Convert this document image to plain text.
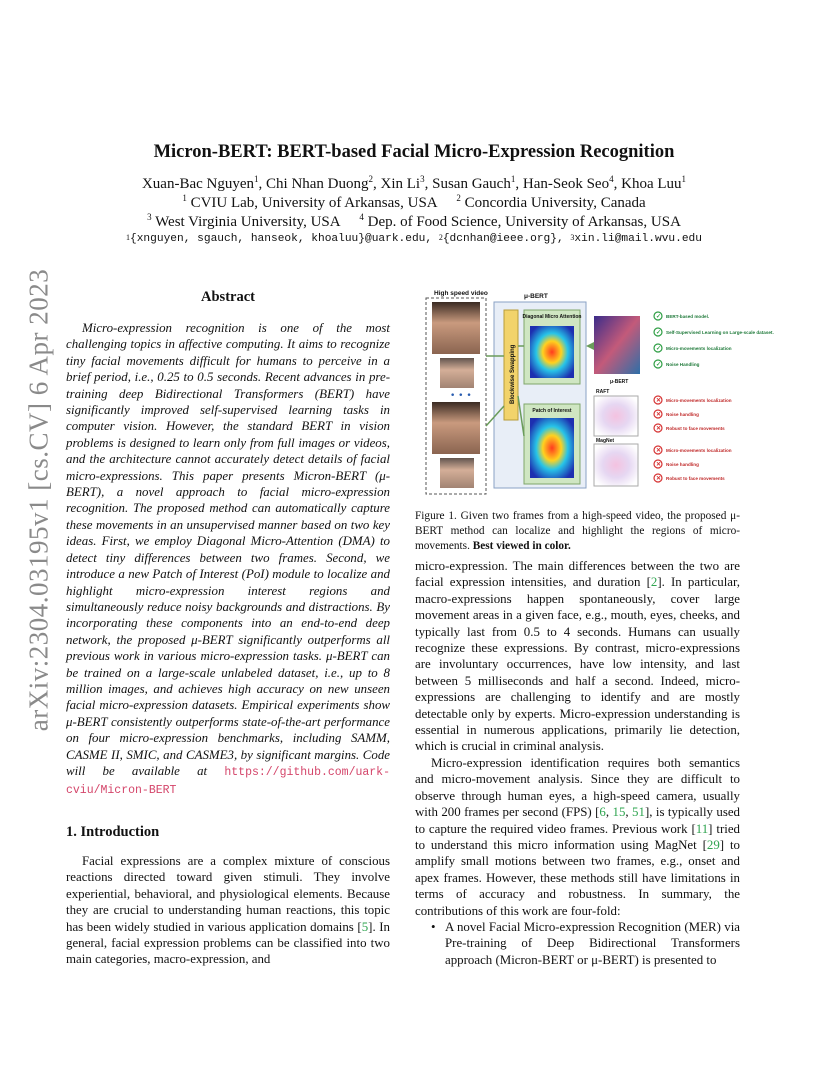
arXiv:2304.03195v1 [cs.CV] 6 Apr 2023
Micron-BERT: BERT-based Facial Micro-Expression Recognition
Xuan-Bac Nguyen$^1$, Chi Nhan Duong$^2$, Xin Li$^3$, Susan Gauch$^1$, Han-Seok Seo$^4$, Khoa Luu$^1$
$^1$ CVIU Lab, University of Arkansas, USA $^2$ Concordia University, Canada
$^3$ West Virginia University, USA $^4$ Dep. of Food Science, University of Arkansas, USA
$^1${xnguyen, sgauch, hanseok, khoaluu}@uark.edu, $^2${dcnhan@ieee.org}, $^3$xin.li@mail.wvu.edu
Abstract

Micro-expression recognition is one of the most challenging topics in affective computing. It aims to recognize tiny facial movements difficult for humans to perceive in a brief period, i.e., 0.25 to 0.5 seconds. Recent advances in pre-training deep Bidirectional Transformers (BERT) have significantly improved self-supervised learning tasks in computer vision. However, the standard BERT in vision problems is designed to learn only from full images or videos, and the architecture cannot accurately detect details of facial micro-expressions. This paper presents Micron-BERT (μ-BERT), a novel approach to facial micro-expression recognition. The proposed method can automatically capture these movements in an unsupervised manner based on two key ideas. First, we employ Diagonal Micro-Attention (DMA) to detect tiny differences between two frames. Second, we introduce a new Patch of Interest (PoI) module to localize and highlight micro-expression interest regions and simultaneously reduce noisy backgrounds and distractions. By incorporating these components into an end-to-end deep network, the proposed μ-BERT significantly outperforms all previous work in various micro-expression tasks. μ-BERT can be trained on a large-scale unlabeled dataset, i.e., up to 8 million images, and achieves high accuracy on new unseen facial micro-expression datasets. Empirical experiments show μ-BERT consistently outperforms state-of-the-art performance on four micro-expression benchmarks, including SAMM, CASME II, SMIC, and CASME3, by significant margins. Code will be available at https://github.com/uark-cviu/Micron-BERT

1. Introduction

Facial expressions are a complex mixture of conscious reactions directed toward given stimuli. They involve experiential, behavioral, and physiological elements. Because they are crucial to understanding human reactions, this topic has been widely studied in various application domains [5]. In general, facial expression problems can be classified into two main categories, macro-expression, and

High speed video
• • •
μ-BERT
Blockwise Swapping
Diagonal Micro Attention
Patch of Interest
μ-BERT
RAFT
MagNet
✓ BERT-based model.
✓ Self-Supervised Learning on Large-scale dataset.
✓ Micro-movements localization
✓ Noise Handling
✕ Micro-movements localization
✕ Noise handling
✕ Robust to face movements
✕ Micro-movements localization
✕ Noise handling
✕ Robust to face movements

Figure 1. Given two frames from a high-speed video, the proposed μ-BERT method can localize and highlight the regions of micro-movements. Best viewed in color.

micro-expression. The main differences between the two are facial expression intensities, and duration [2]. In particular, macro-expressions happen spontaneously, cover large movement areas in a given face, e.g., mouth, eyes, cheeks, and typically last from 0.5 to 4 seconds. Humans can usually recognize these expressions. By contrast, micro-expressions are involuntary occurrences, have low intensity, and last between 5 milliseconds and half a second. Indeed, micro-expressions are challenging to identify and are mostly detectable only by experts. Micro-expression understanding is essential in numerous applications, primarily lie detection, which is crucial in criminal analysis.

Micro-expression identification requires both semantics and micro-movement analysis. Since they are difficult to observe through human eyes, a high-speed camera, usually with 200 frames per second (FPS) [6, 15, 51], is typically used to capture the required video frames. Previous work [11] tried to understand this micro information using MagNet [29] to amplify small motions between two frames, e.g., onset and apex frames. However, these methods still have limitations in terms of accuracy and robustness. In summary, the contributions of this work are four-fold:

• A novel Facial Micro-expression Recognition (MER) via Pre-training of Deep Bidirectional Transformers approach (Micron-BERT or μ-BERT) is presented to
